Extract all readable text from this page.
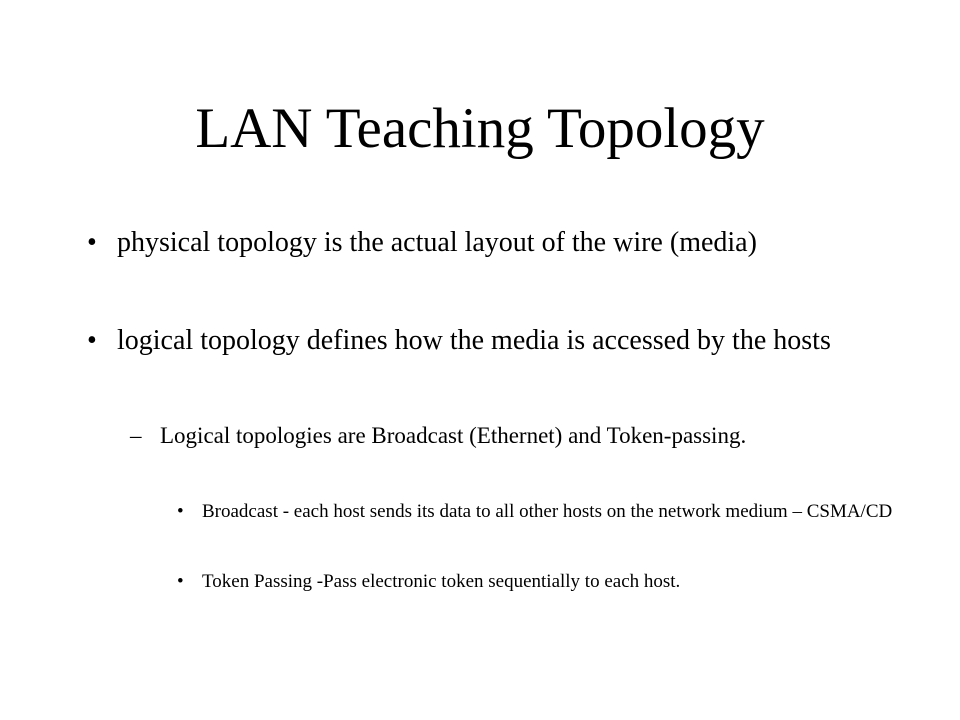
LAN Teaching Topology
• physical topology is the actual layout of the wire (media)
• logical topology defines how the media is accessed by the hosts
– Logical topologies are Broadcast (Ethernet) and Token-passing.
• Broadcast - each host sends its data to all other hosts on the network medium – CSMA/CD
• Token Passing -Pass electronic token sequentially to each host.
